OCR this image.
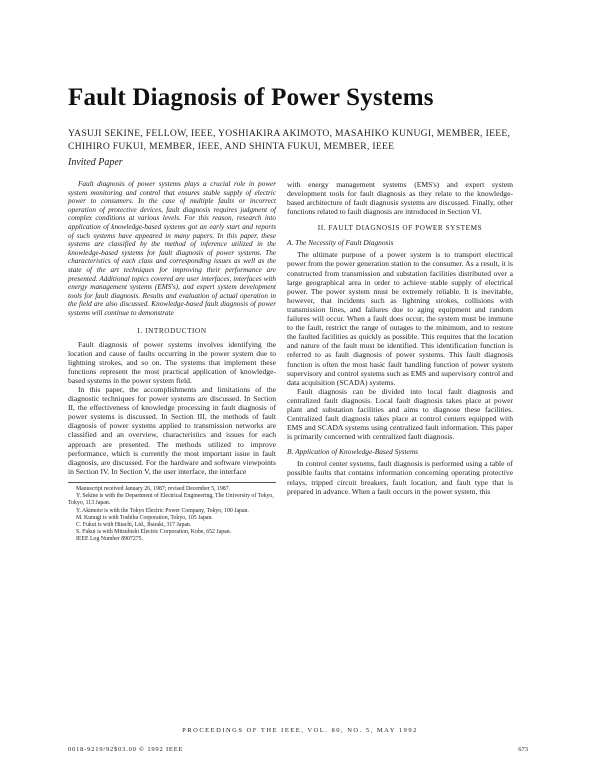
Fault Diagnosis of Power Systems

YASUJI SEKINE, FELLOW, IEEE, YOSHIAKIRA AKIMOTO, MASAHIKO KUNUGI, MEMBER, IEEE, CHIHIRO FUKUI, MEMBER, IEEE, AND SHINTA FUKUI, MEMBER, IEEE

Invited Paper

Fault diagnosis of power systems plays a crucial role in power system monitoring and control that ensures stable supply of electric power to consumers. In the case of multiple faults or incorrect operation of protective devices, fault diagnosis requires judgment of complex conditions at various levels. For this reason, research into application of knowledge-based systems got an early start and reports of such systems have appeared in many papers. In this paper, these systems are classified by the method of inference utilized in the knowledge-based systems for fault diagnosis of power systems. The characteristics of each class and corresponding issues as well as the state of the art techniques for improving their performance are presented. Additional topics covered are user interfaces, interfaces with energy management systems (EMS's), and expert system development tools for fault diagnosis. Results and evaluation of actual operation in the field are also discussed. Knowledge-based fault diagnosis of power systems will continue to demonstrate

I. INTRODUCTION

Fault diagnosis of power systems involves identifying the location and cause of faults occurring in the power system due to lightning strokes, and so on. The systems that implement these functions represent the most practical application of knowledge-based systems in the power system field.

In this paper, the accomplishments and limitations of the diagnostic techniques for power systems are discussed. In Section II, the effectiveness of knowledge processing in fault diagnosis of power systems is discussed. In Section III, the methods of fault diagnosis of power systems applied to transmission networks are classified and an overview, characteristics and issues for each approach are presented. The methods utilized to improve performance, which is currently the most important issue in fault diagnosis, are discussed. For the hardware and software viewpoints in Section IV. In Section V, the user interface, the interface

Manuscript received January 26, 1987; revised December 5, 1987.

Y. Sekine is with the Department of Electrical Engineering, The University of Tokyo, Tokyo, 113 Japan.

Y. Akimoto is with the Tokyo Electric Power Company, Tokyo, 100 Japan.

M. Kunugi is with Toshiba Corporation, Tokyo, 105 Japan.

C. Fukui is with Hitachi, Ltd., Ibaraki, 317 Japan.

S. Fukui is with Mitsubishi Electric Corporation, Kobe, 652 Japan.

IEEE Log Number 8907275.

with energy management systems (EMS's) and expert system development tools for fault diagnosis as they relate to the knowledge-based architecture of fault diagnosis systems are discussed. Finally, other functions related to fault diagnosis are introduced in Section VI.

II. FAULT DIAGNOSIS OF POWER SYSTEMS

A. The Necessity of Fault Diagnosis

The ultimate purpose of a power system is to transport electrical power from the power generation station to the consumer. As a result, it is constructed from transmission and substation facilities distributed over a large geographical area in order to achieve stable supply of electrical power. The power system must be extremely reliable. It is inevitable, however, that incidents such as lightning strokes, collisions with transmission lines, and failures due to aging equipment and random failures will occur. When a fault does occur, the system must be immune to the fault, restrict the range of outages to the minimum, and to restore the faulted facilities as quickly as possible. This requires that the location and nature of the fault must be identified. This identification function is referred to as fault diagnosis of power systems. This fault diagnosis function is often the most basic fault handling function of power system supervisory and control systems such as EMS and supervisory control and data acquisition (SCADA) systems.

Fault diagnosis can be divided into local fault diagnosis and centralized fault diagnosis. Local fault diagnosis takes place at power plant and substation facilities and aims to diagnose these facilities. Centralized fault diagnosis takes place at control centers equipped with EMS and SCADA systems using centralized fault information. This paper is primarily concerned with centralized fault diagnosis.

B. Application of Knowledge-Based Systems

In control center systems, fault diagnosis is performed using a table of possible faults that contains information concerning operating protective relays, tripped circuit breakers, fault location, and fault type that is prepared in advance. When a fault occurs in the power system, this

PROCEEDINGS OF THE IEEE, VOL. 80, NO. 5, MAY 1992

0018-9219/92$03.00 © 1992 IEEE	673
